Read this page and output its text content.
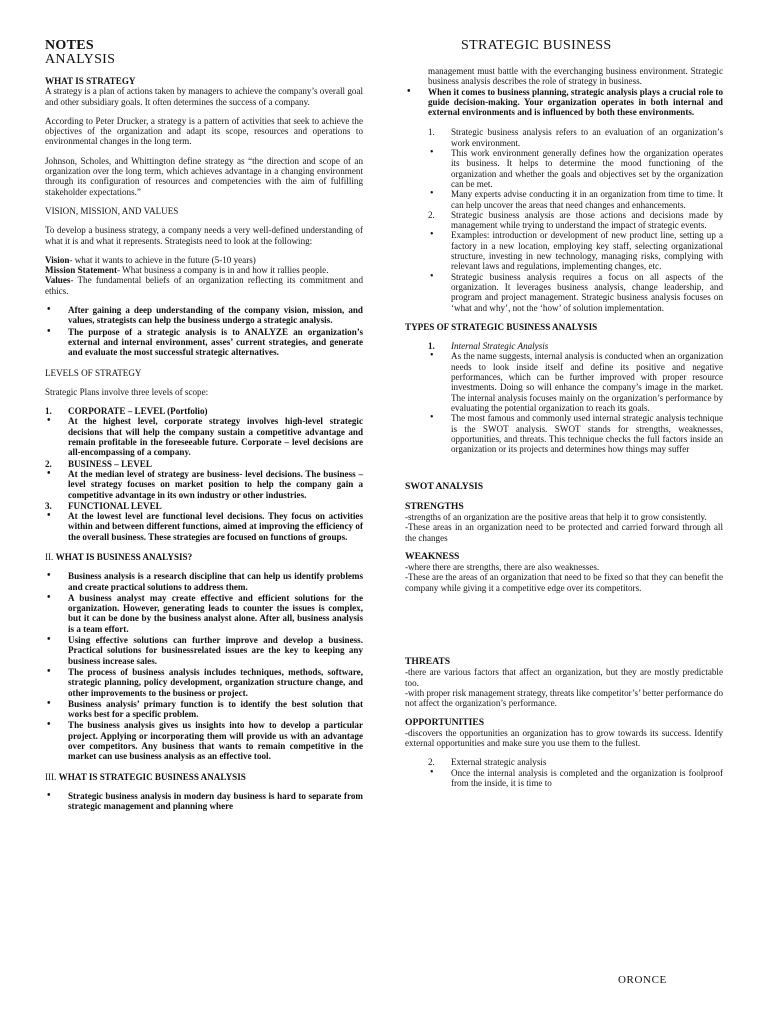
NOTES
ANALYSIS
STRATEGIC BUSINESS

WHAT IS STRATEGY

A strategy is a plan of actions taken by managers to achieve the company’s overall goal and other subsidiary goals. It often determines the success of a company.

According to Peter Drucker, a strategy is a pattern of activities that seek to achieve the objectives of the organization and adapt its scope, resources and operations to environmental changes in the long term.

Johnson, Scholes, and Whittington define strategy as “the direction and scope of an organization over the long term, which achieves advantage in a changing environment through its configuration of resources and competencies with the aim of fulfilling stakeholder expectations.”

VISION, MISSION, AND VALUES

To develop a business strategy, a company needs a very well-defined understanding of what it is and what it represents. Strategists need to look at the following:

Vision- what it wants to achieve in the future (5-10 years)

Mission Statement- What business a company is in and how it rallies people.

Values- The fundamental beliefs of an organization reflecting its commitment and ethics.

• After gaining a deep understanding of the company vision, mission, and values, strategists can help the business undergo a strategic analysis.
• The purpose of a strategic analysis is to ANALYZE an organization’s external and internal environment, asses’ current strategies, and generate and evaluate the most successful strategic alternatives.

LEVELS OF STRATEGY

Strategic Plans involve three levels of scope:

1. CORPORATE – LEVEL (Portfolio)

• At the highest level, corporate strategy involves high-level strategic decisions that will help the company sustain a competitive advantage and remain profitable in the foreseeable future. Corporate – level decisions are all-encompassing of a company.

2. BUSINESS – LEVEL

• At the median level of strategy are business- level decisions. The business – level strategy focuses on market position to help the company gain a competitive advantage in its own industry or other industries.

3. FUNCTIONAL LEVEL

• At the lowest level are functional level decisions. They focus on activities within and between different functions, aimed at improving the efficiency of the overall business. These strategies are focused on functions of groups.

II. WHAT IS BUSINESS ANALYSIS?

• Business analysis is a research discipline that can help us identify problems and create practical solutions to address them.
• A business analyst may create effective and efficient solutions for the organization. However, generating leads to counter the issues is complex, but it can be done by the business analyst alone. After all, business analysis is a team effort.
• Using effective solutions can further improve and develop a business. Practical solutions for businessrelated issues are the key to keeping any business increase sales.
• The process of business analysis includes techniques, methods, software, strategic planning, policy development, organization structure change, and other improvements to the business or project.
• Business analysis’ primary function is to identify the best solution that works best for a specific problem.
• The business analysis gives us insights into how to develop a particular project. Applying or incorporating them will provide us with an advantage over competitors. Any business that wants to remain competitive in the market can use business analysis as an effective tool.

III. WHAT IS STRATEGIC BUSINESS ANALYSIS

• Strategic business analysis in modern day business is hard to separate from strategic management and planning where

management must battle with the everchanging business environment. Strategic business analysis describes the role of strategy in business.

• When it comes to business planning, strategic analysis plays a crucial role to guide decision-making. Your organization operates in both internal and external environments and is influenced by both these environments.

1. Strategic business analysis refers to an evaluation of an organization’s work environment.

• This work environment generally defines how the organization operates its business. It helps to determine the mood functioning of the organization and whether the goals and objectives set by the organization can be met.

• Many experts advise conducting it in an organization from time to time. It can help uncover the areas that need changes and enhancements.

2. Strategic business analysis are those actions and decisions made by management while trying to understand the impact of strategic events.

• Examples: introduction or development of new product line, setting up a factory in a new location, employing key staff, selecting organizational structure, investing in new technology, managing risks, complying with relevant laws and regulations, implementing changes, etc.

• Strategic business analysis requires a focus on all aspects of the organization. It leverages business analysis, change leadership, and program and project management. Strategic business analysis focuses on ‘what and why’, not the ‘how’ of solution implementation.

TYPES OF STRATEGIC BUSINESS ANALYSIS

1. Internal Strategic Analysis

• As the name suggests, internal analysis is conducted when an organization needs to look inside itself and define its positive and negative performances, which can be further improved with proper resource investments. Doing so will enhance the company’s image in the market. The internal analysis focuses mainly on the organization’s performance by evaluating the potential organization to reach its goals.

• The most famous and commonly used internal strategic analysis technique is the SWOT analysis. SWOT stands for strengths, weaknesses, opportunities, and threats. This technique checks the full factors inside an organization or its projects and determines how things may suffer

SWOT ANALYSIS

STRENGTHS

-strengths of an organization are the positive areas that help it to grow consistently.

-These areas in an organization need to be protected and carried forward through all the changes

WEAKNESS

-where there are strengths, there are also weaknesses.

-These are the areas of an organization that need to be fixed so that they can benefit the company while giving it a competitive edge over its competitors.

THREATS

-there are various factors that affect an organization, but they are mostly predictable too.

-with proper risk management strategy, threats like competitor’s’ better performance do not affect the organization’s performance.

OPPORTUNITIES

-discovers the opportunities an organization has to grow towards its success. Identify external opportunities and make sure you use them to the fullest.

2. External strategic analysis

• Once the internal analysis is completed and the organization is foolproof from the inside, it is time to

ORONCE
